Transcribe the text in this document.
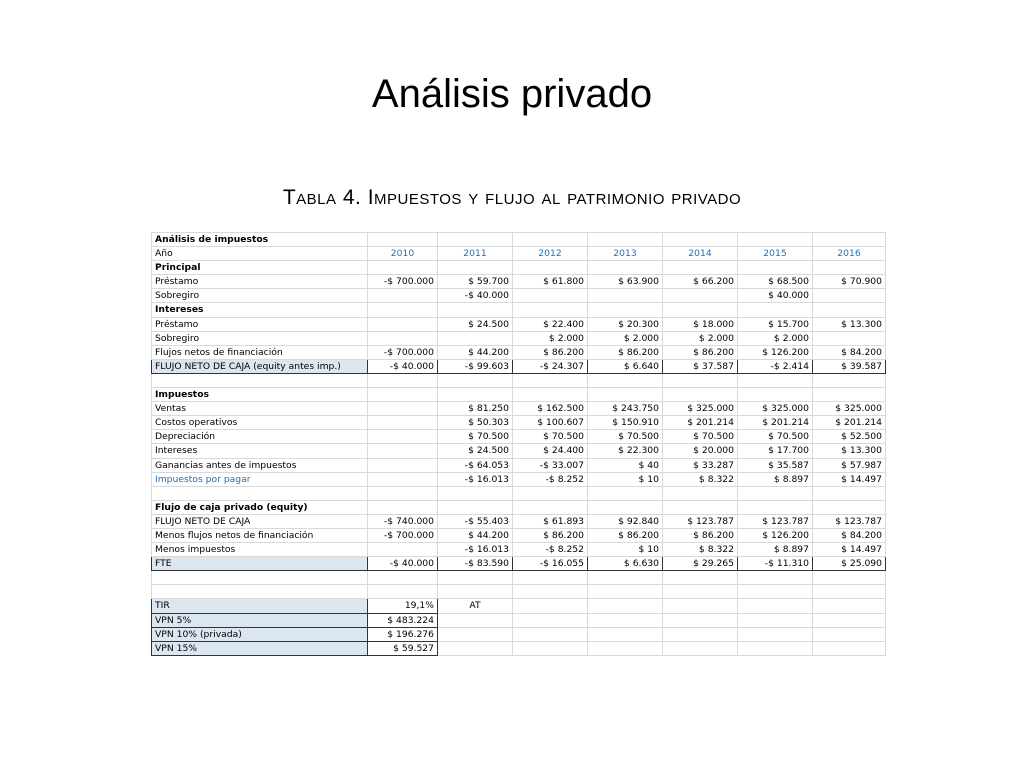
Análisis privado
Tabla 4. Impuestos y flujo al patrimonio privado
Análisis de impuestos							
Año	2010	2011	2012	2013	2014	2015	2016
Principal							
Préstamo	-$ 700.000	$ 59.700	$ 61.800	$ 63.900	$ 66.200	$ 68.500	$ 70.900
Sobregiro		-$ 40.000				$ 40.000	
Intereses							
Préstamo		$ 24.500	$ 22.400	$ 20.300	$ 18.000	$ 15.700	$ 13.300
Sobregiro			$ 2.000	$ 2.000	$ 2.000	$ 2.000	
Flujos netos de financiación	-$ 700.000	$ 44.200	$ 86.200	$ 86.200	$ 86.200	$ 126.200	$ 84.200
FLUJO NETO DE CAJA (equity antes imp.)	-$ 40.000	-$ 99.603	-$ 24.307	$ 6.640	$ 37.587	-$ 2.414	$ 39.587

Impuestos							
Ventas		$ 81.250	$ 162.500	$ 243.750	$ 325.000	$ 325.000	$ 325.000
Costos operativos		$ 50.303	$ 100.607	$ 150.910	$ 201.214	$ 201.214	$ 201.214
Depreciación		$ 70.500	$ 70.500	$ 70.500	$ 70.500	$ 70.500	$ 52.500
Intereses		$ 24.500	$ 24.400	$ 22.300	$ 20.000	$ 17.700	$ 13.300
Ganancias antes de impuestos		-$ 64.053	-$ 33.007	$ 40	$ 33.287	$ 35.587	$ 57.987
Impuestos por pagar		-$ 16.013	-$ 8.252	$ 10	$ 8.322	$ 8.897	$ 14.497

Flujo de caja privado (equity)							
FLUJO NETO DE CAJA	-$ 740.000	-$ 55.403	$ 61.893	$ 92.840	$ 123.787	$ 123.787	$ 123.787
Menos flujos netos de financiación	-$ 700.000	$ 44.200	$ 86.200	$ 86.200	$ 86.200	$ 126.200	$ 84.200
Menos impuestos		-$ 16.013	-$ 8.252	$ 10	$ 8.322	$ 8.897	$ 14.497
FTE	-$ 40.000	-$ 83.590	-$ 16.055	$ 6.630	$ 29.265	-$ 11.310	$ 25.090

TIR	19,1%	AT					
VPN 5%	$ 483.224						
VPN 10% (privada)	$ 196.276						
VPN 15%	$ 59.527						
